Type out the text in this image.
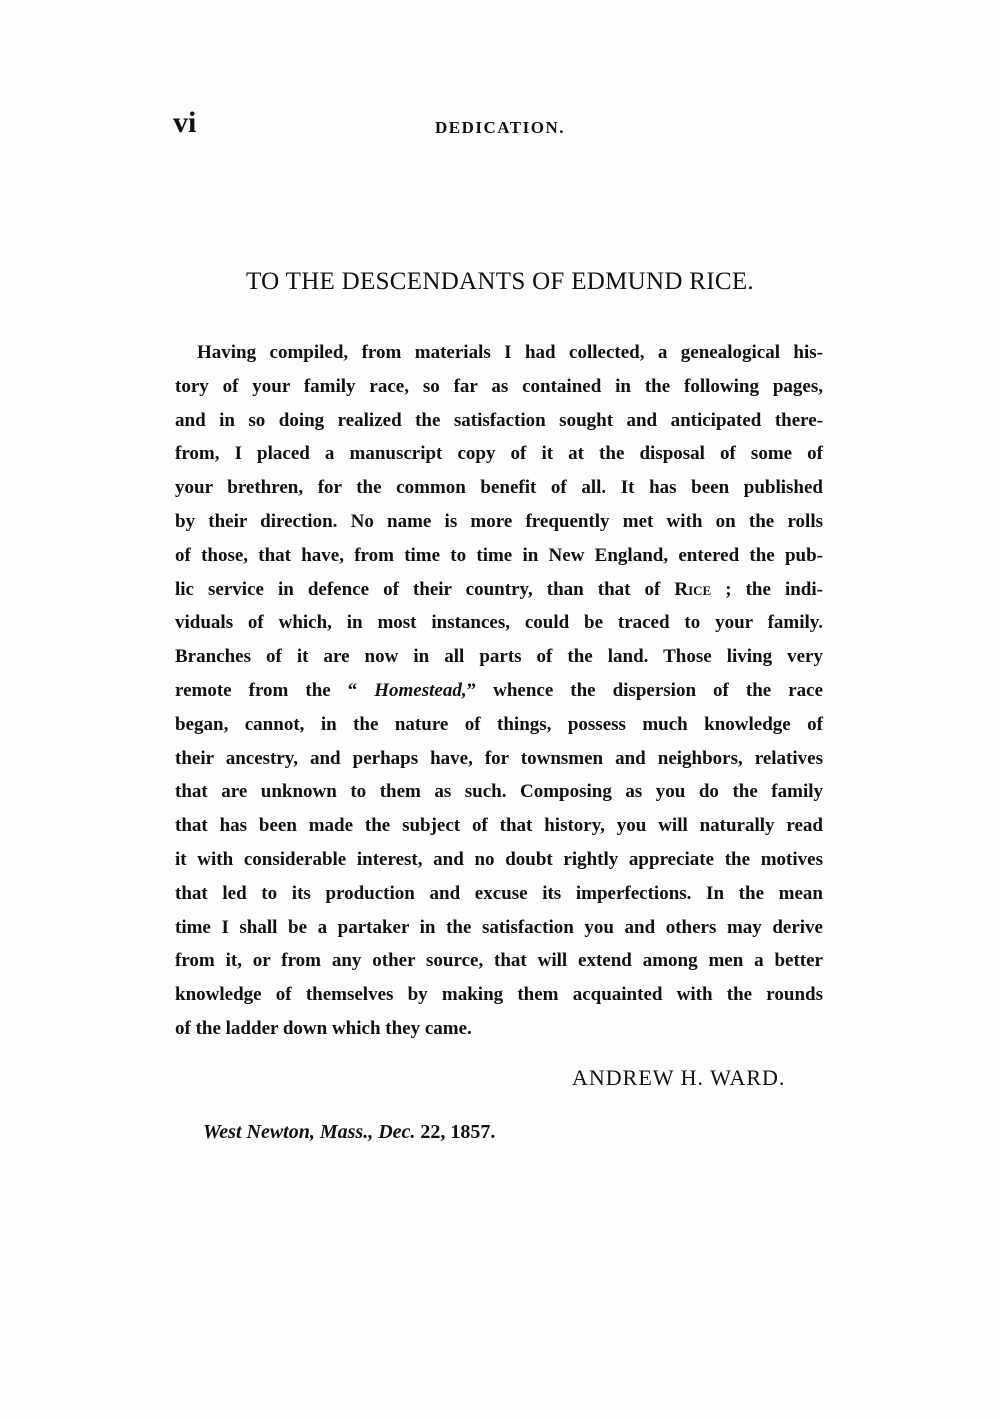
vi	DEDICATION.
TO THE DESCENDANTS OF EDMUND RICE.
Having compiled, from materials I had collected, a genealogical his-
tory of your family race, so far as contained in the following pages,
and in so doing realized the satisfaction sought and anticipated there-
from, I placed a manuscript copy of it at the disposal of some of
your brethren, for the common benefit of all. It has been published
by their direction. No name is more frequently met with on the rolls
of those, that have, from time to time in New England, entered the pub-
lic service in defence of their country, than that of Rice ; the indi-
viduals of which, in most instances, could be traced to your family.
Branches of it are now in all parts of the land. Those living very
remote from the “ Homestead,” whence the dispersion of the race
began, cannot, in the nature of things, possess much knowledge of
their ancestry, and perhaps have, for townsmen and neighbors, relatives
that are unknown to them as such. Composing as you do the family
that has been made the subject of that history, you will naturally read
it with considerable interest, and no doubt rightly appreciate the motives
that led to its production and excuse its imperfections. In the mean
time I shall be a partaker in the satisfaction you and others may derive
from it, or from any other source, that will extend among men a better
knowledge of themselves by making them acquainted with the rounds
of the ladder down which they came.
ANDREW H. WARD.
West Newton, Mass., Dec. 22, 1857.
